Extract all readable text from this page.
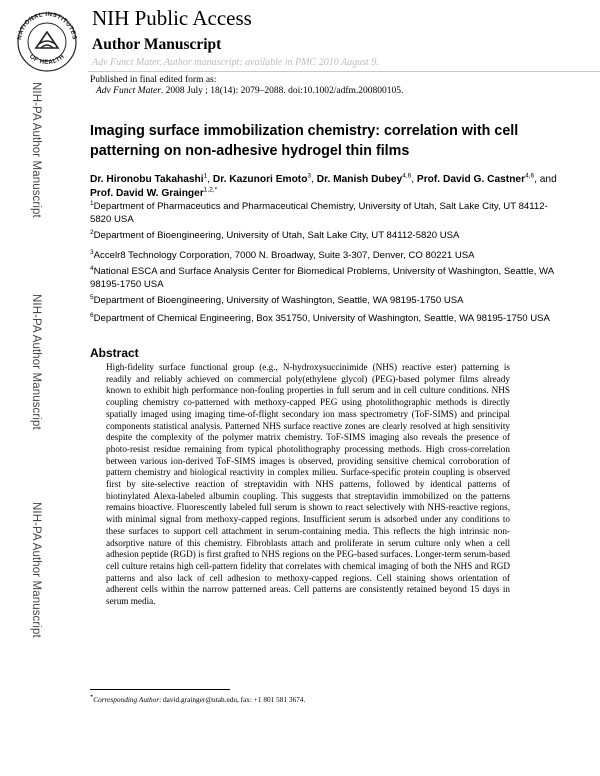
NATIONAL INSTITUTES
OF HEALTH
NIH Public Access
Author Manuscript
Adv Funct Mater. Author manuscript; available in PMC 2010 August 9.
Published in final edited form as:
Adv Funct Mater. 2008 July ; 18(14): 2079–2088. doi:10.1002/adfm.200800105.
NIH-PA Author Manuscript
NIH-PA Author Manuscript
NIH-PA Author Manuscript
Imaging surface immobilization chemistry: correlation with cell patterning on non-adhesive hydrogel thin films
Dr. Hironobu Takahashi$^1$, Dr. Kazunori Emoto$^3$, Dr. Manish Dubey$^{4,6}$, Prof. David G. Castner$^{4,6}$, and Prof. David W. Grainger$^{1,2,*}$
$^1$Department of Pharmaceutics and Pharmaceutical Chemistry, University of Utah, Salt Lake City, UT 84112-5820 USA
$^2$Department of Bioengineering, University of Utah, Salt Lake City, UT 84112-5820 USA
$^3$Accelr8 Technology Corporation, 7000 N. Broadway, Suite 3-307, Denver, CO 80221 USA
$^4$National ESCA and Surface Analysis Center for Biomedical Problems, University of Washington, Seattle, WA 98195-1750 USA
$^5$Department of Bioengineering, University of Washington, Seattle, WA 98195-1750 USA
$^6$Department of Chemical Engineering, Box 351750, University of Washington, Seattle, WA 98195-1750 USA
Abstract

High-fidelity surface functional group (e.g., N-hydroxysuccinimide (NHS) reactive ester) patterning is readily and reliably achieved on commercial poly(ethylene glycol) (PEG)-based polymer films already known to exhibit high performance non-fouling properties in full serum and in cell culture conditions. NHS coupling chemistry co-patterned with methoxy-capped PEG using photolithographic methods is directly spatially imaged using imaging time-of-flight secondary ion mass spectrometry (ToF-SIMS) and principal components statistical analysis. Patterned NHS surface reactive zones are clearly resolved at high sensitivity despite the complexity of the polymer matrix chemistry. ToF-SIMS imaging also reveals the presence of photo-resist residue remaining from typical photolithography processing methods. High cross-correlation between various ion-derived ToF-SIMS images is observed, providing sensitive chemical corroboration of pattern chemistry and biological reactivity in complex milieu. Surface-specific protein coupling is observed first by site-selective reaction of streptavidin with NHS patterns, followed by identical patterns of biotinylated Alexa-labeled albumin coupling. This suggests that streptavidin immobilized on the patterns remains bioactive. Fluorescently labeled full serum is shown to react selectively with NHS-reactive regions, with minimal signal from methoxy-capped regions. Insufficient serum is adsorbed under any conditions to these surfaces to support cell attachment in serum-containing media. This reflects the high intrinsic non-adsorptive nature of this chemistry. Fibroblasts attach and proliferate in serum culture only when a cell adhesion peptide (RGD) is first grafted to NHS regions on the PEG-based surfaces. Longer-term serum-based cell culture retains high cell-pattern fidelity that correlates with chemical imaging of both the NHS and RGD patterns and also lack of cell adhesion to methoxy-capped regions. Cell staining shows orientation of adherent cells within the narrow patterned areas. Cell patterns are consistently retained beyond 15 days in serum media.

*Corresponding Author: david.grainger@utah.edu, fax: +1 801 581 3674.
